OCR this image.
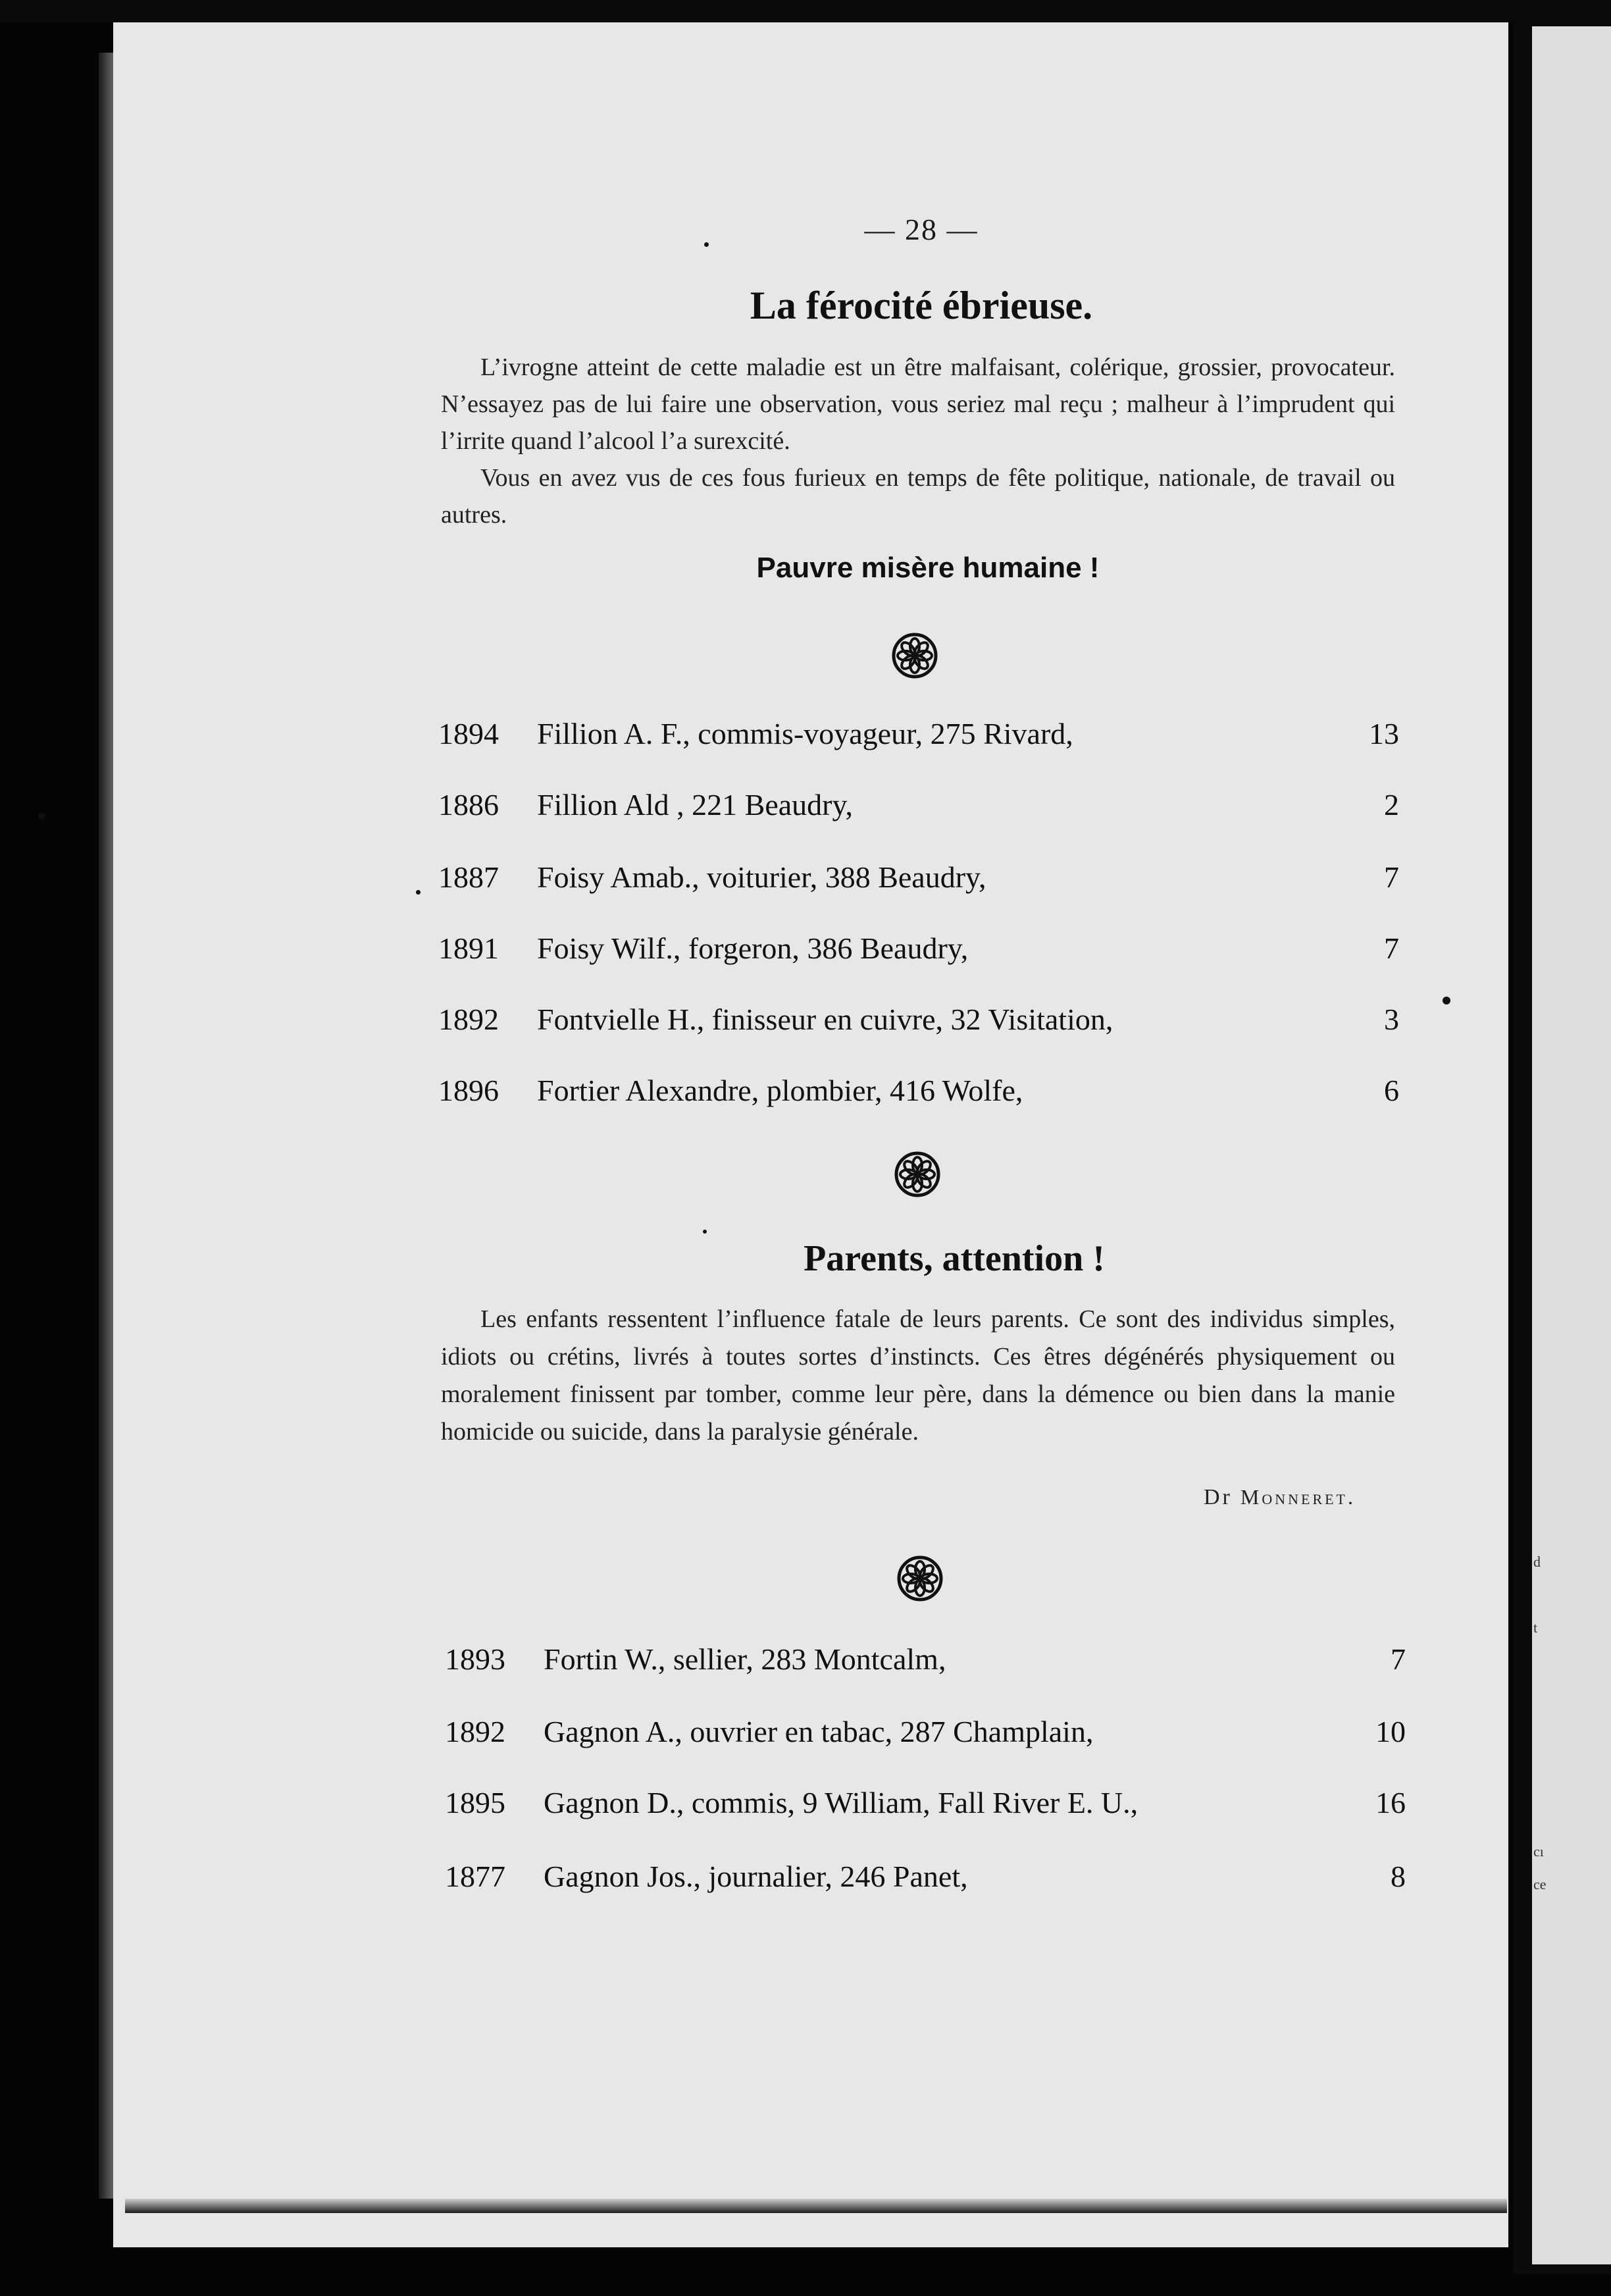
d
t
cı
ce
— 28 —
La férocité ébrieuse.

L’ivrogne atteint de cette maladie est un être malfaisant, colérique, grossier, provocateur. N’essayez pas de lui faire une observation, vous seriez mal reçu ; malheur à l’imprudent qui l’irrite quand l’alcool l’a surexcité.

Vous en avez vus de ces fous furieux en temps de fête politique, nationale, de travail ou autres.

Pauvre misère humaine !
1894	Fillion A. F., commis-voyageur, 275 Rivard,	13
1886	Fillion Ald , 221 Beaudry,	2
1887	Foisy Amab., voiturier, 388 Beaudry,	7
1891	Foisy Wilf., forgeron, 386 Beaudry,	7
1892	Fontvielle H., finisseur en cuivre, 32 Visitation,	3
1896	Fortier Alexandre, plombier, 416 Wolfe,	6
Parents, attention !

Les enfants ressentent l’influence fatale de leurs parents. Ce sont des individus simples, idiots ou crétins, livrés à toutes sortes d’instincts. Ces êtres dégénérés physiquement ou moralement finissent par tomber, comme leur père, dans la démence ou bien dans la manie homicide ou suicide, dans la paralysie générale.

Dr Monneret.
1893	Fortin W., sellier, 283 Montcalm,	7
1892	Gagnon A., ouvrier en tabac, 287 Champlain,	10
1895	Gagnon D., commis, 9 William, Fall River E. U.,	16
1877	Gagnon Jos., journalier, 246 Panet,	8
